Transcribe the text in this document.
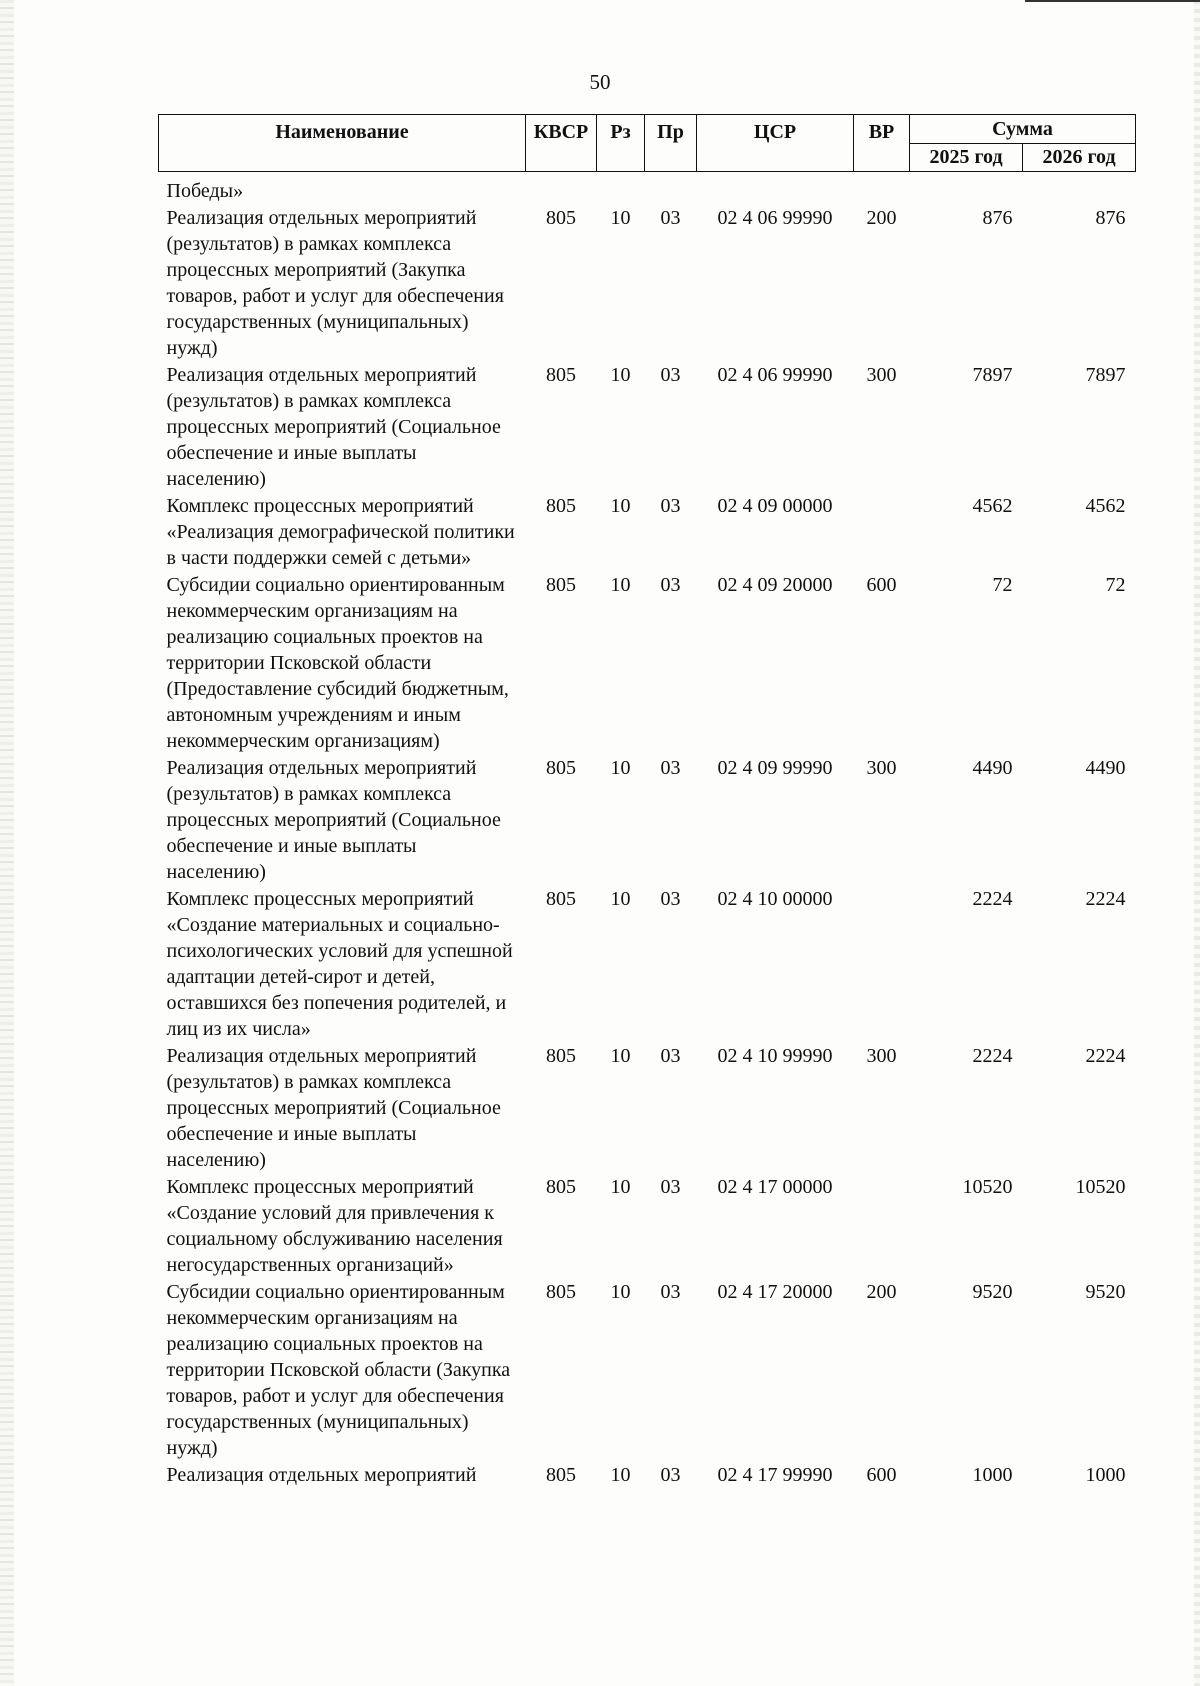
50
Наименование	КВСР	Рз	Пр	ЦСР	ВР	Сумма	
						2025 год	2026 год
Победы»							
Реализация отдельных мероприятий (результатов) в рамках комплекса процессных мероприятий (Закупка товаров, работ и услуг для обеспечения государственных (муниципальных) нужд)	805	10	03	02 4 06 99990	200	876	876
Реализация отдельных мероприятий (результатов) в рамках комплекса процессных мероприятий (Социальное обеспечение и иные выплаты населению)	805	10	03	02 4 06 99990	300	7897	7897
Комплекс процессных мероприятий «Реализация демографической политики в части поддержки семей с детьми»	805	10	03	02 4 09 00000		4562	4562
Субсидии социально ориентированным некоммерческим организациям на реализацию социальных проектов на территории Псковской области (Предоставление субсидий бюджетным, автономным учреждениям и иным некоммерческим организациям)	805	10	03	02 4 09 20000	600	72	72
Реализация отдельных мероприятий (результатов) в рамках комплекса процессных мероприятий (Социальное обеспечение и иные выплаты населению)	805	10	03	02 4 09 99990	300	4490	4490
Комплекс процессных мероприятий «Создание материальных и социально-психологических условий для успешной адаптации детей-сирот и детей, оставшихся без попечения родителей, и лиц из их числа»	805	10	03	02 4 10 00000		2224	2224
Реализация отдельных мероприятий (результатов) в рамках комплекса процессных мероприятий (Социальное обеспечение и иные выплаты населению)	805	10	03	02 4 10 99990	300	2224	2224
Комплекс процессных мероприятий «Создание условий для привлечения к социальному обслуживанию населения негосударственных организаций»	805	10	03	02 4 17 00000		10520	10520
Субсидии социально ориентированным некоммерческим организациям на реализацию социальных проектов на территории Псковской области (Закупка товаров, работ и услуг для обеспечения государственных (муниципальных) нужд)	805	10	03	02 4 17 20000	200	9520	9520
Реализация отдельных мероприятий	805	10	03	02 4 17 99990	600	1000	1000
